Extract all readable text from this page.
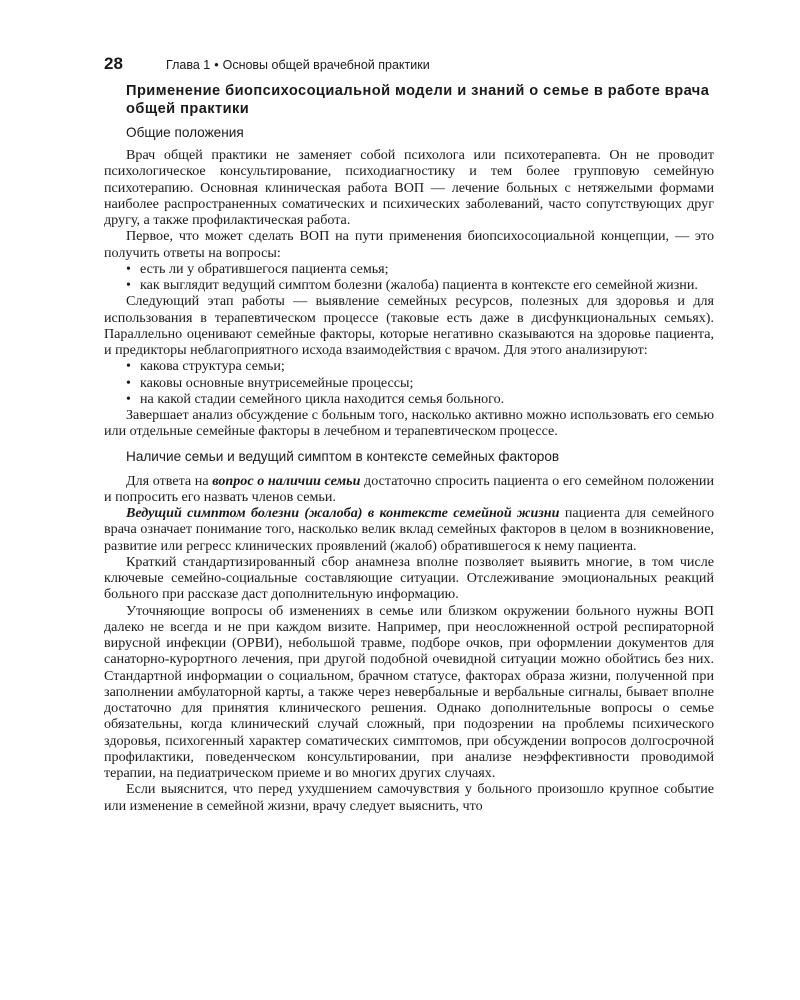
28	Глава 1 • Основы общей врачебной практики
Применение биопсихосоциальной модели и знаний о семье в работе врача общей практики
Общие положения

Врач общей практики не заменяет собой психолога или психотерапевта. Он не проводит психологическое консультирование, психодиагностику и тем более групповую семейную психотерапию. Основная клиническая работа ВОП — лечение больных с нетяжелыми формами наиболее распространенных соматических и психических заболеваний, часто сопутствующих друг другу, а также профилактическая работа.

Первое, что может сделать ВОП на пути применения биопсихосоциальной концепции, — это получить ответы на вопросы:

• есть ли у обратившегося пациента семья;
• как выглядит ведущий симптом болезни (жалоба) пациента в контексте его семейной жизни.

Следующий этап работы — выявление семейных ресурсов, полезных для здоровья и для использования в терапевтическом процессе (таковые есть даже в дисфункциональных семьях). Параллельно оценивают семейные факторы, которые негативно сказываются на здоровье пациента, и предикторы неблагоприятного исхода взаимодействия с врачом. Для этого анализируют:

• какова структура семьи;
• каковы основные внутрисемейные процессы;
• на какой стадии семейного цикла находится семья больного.

Завершает анализ обсуждение с больным того, насколько активно можно использовать его семью или отдельные семейные факторы в лечебном и терапевтическом процессе.

Наличие семьи и ведущий симптом в контексте семейных факторов

Для ответа на вопрос о наличии семьи достаточно спросить пациента о его семейном положении и попросить его назвать членов семьи.

Ведущий симптом болезни (жалоба) в контексте семейной жизни пациента для семейного врача означает понимание того, насколько велик вклад семейных факторов в целом в возникновение, развитие или регресс клинических проявлений (жалоб) обратившегося к нему пациента.

Краткий стандартизированный сбор анамнеза вполне позволяет выявить многие, в том числе ключевые семейно-социальные составляющие ситуации. Отслеживание эмоциональных реакций больного при рассказе даст дополнительную информацию.

Уточняющие вопросы об изменениях в семье или близком окружении больного нужны ВОП далеко не всегда и не при каждом визите. Например, при неосложненной острой респираторной вирусной инфекции (ОРВИ), небольшой травме, подборе очков, при оформлении документов для санаторно-курортного лечения, при другой подобной очевидной ситуации можно обойтись без них. Стандартной информации о социальном, брачном статусе, факторах образа жизни, полученной при заполнении амбулаторной карты, а также через невербальные и вербальные сигналы, бывает вполне достаточно для принятия клинического решения. Однако дополнительные вопросы о семье обязательны, когда клинический случай сложный, при подозрении на проблемы психического здоровья, психогенный характер соматических симптомов, при обсуждении вопросов долгосрочной профилактики, поведенческом консультировании, при анализе неэффективности проводимой терапии, на педиатрическом приеме и во многих других случаях.

Если выяснится, что перед ухудшением самочувствия у больного произошло крупное событие или изменение в семейной жизни, врачу следует выяснить, что
